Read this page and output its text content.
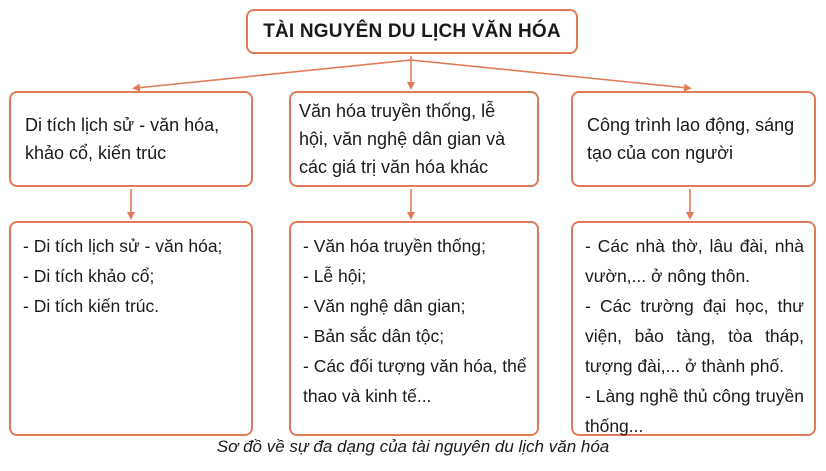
TÀI NGUYÊN DU LỊCH VĂN HÓA
Di tích lịch sử - văn hóa, khảo cổ, kiến trúc
Văn hóa truyền thống, lễ hội, văn nghệ dân gian và các giá trị văn hóa khác
Công trình lao động, sáng tạo của con người
- Di tích lịch sử - văn hóa;
- Di tích khảo cổ;
- Di tích kiến trúc.
- Văn hóa truyền thống;
- Lễ hội;
- Văn nghệ dân gian;
- Bản sắc dân tộc;
- Các đối tượng văn hóa, thể thao và kinh tế...
- Các nhà thờ, lâu đài, nhà vườn,... ở nông thôn.
- Các trường đại học, thư viện, bảo tàng, tòa tháp, tượng đài,... ở thành phố.
- Làng nghề thủ công truyền thống...
Sơ đồ về sự đa dạng của tài nguyên du lịch văn hóa
